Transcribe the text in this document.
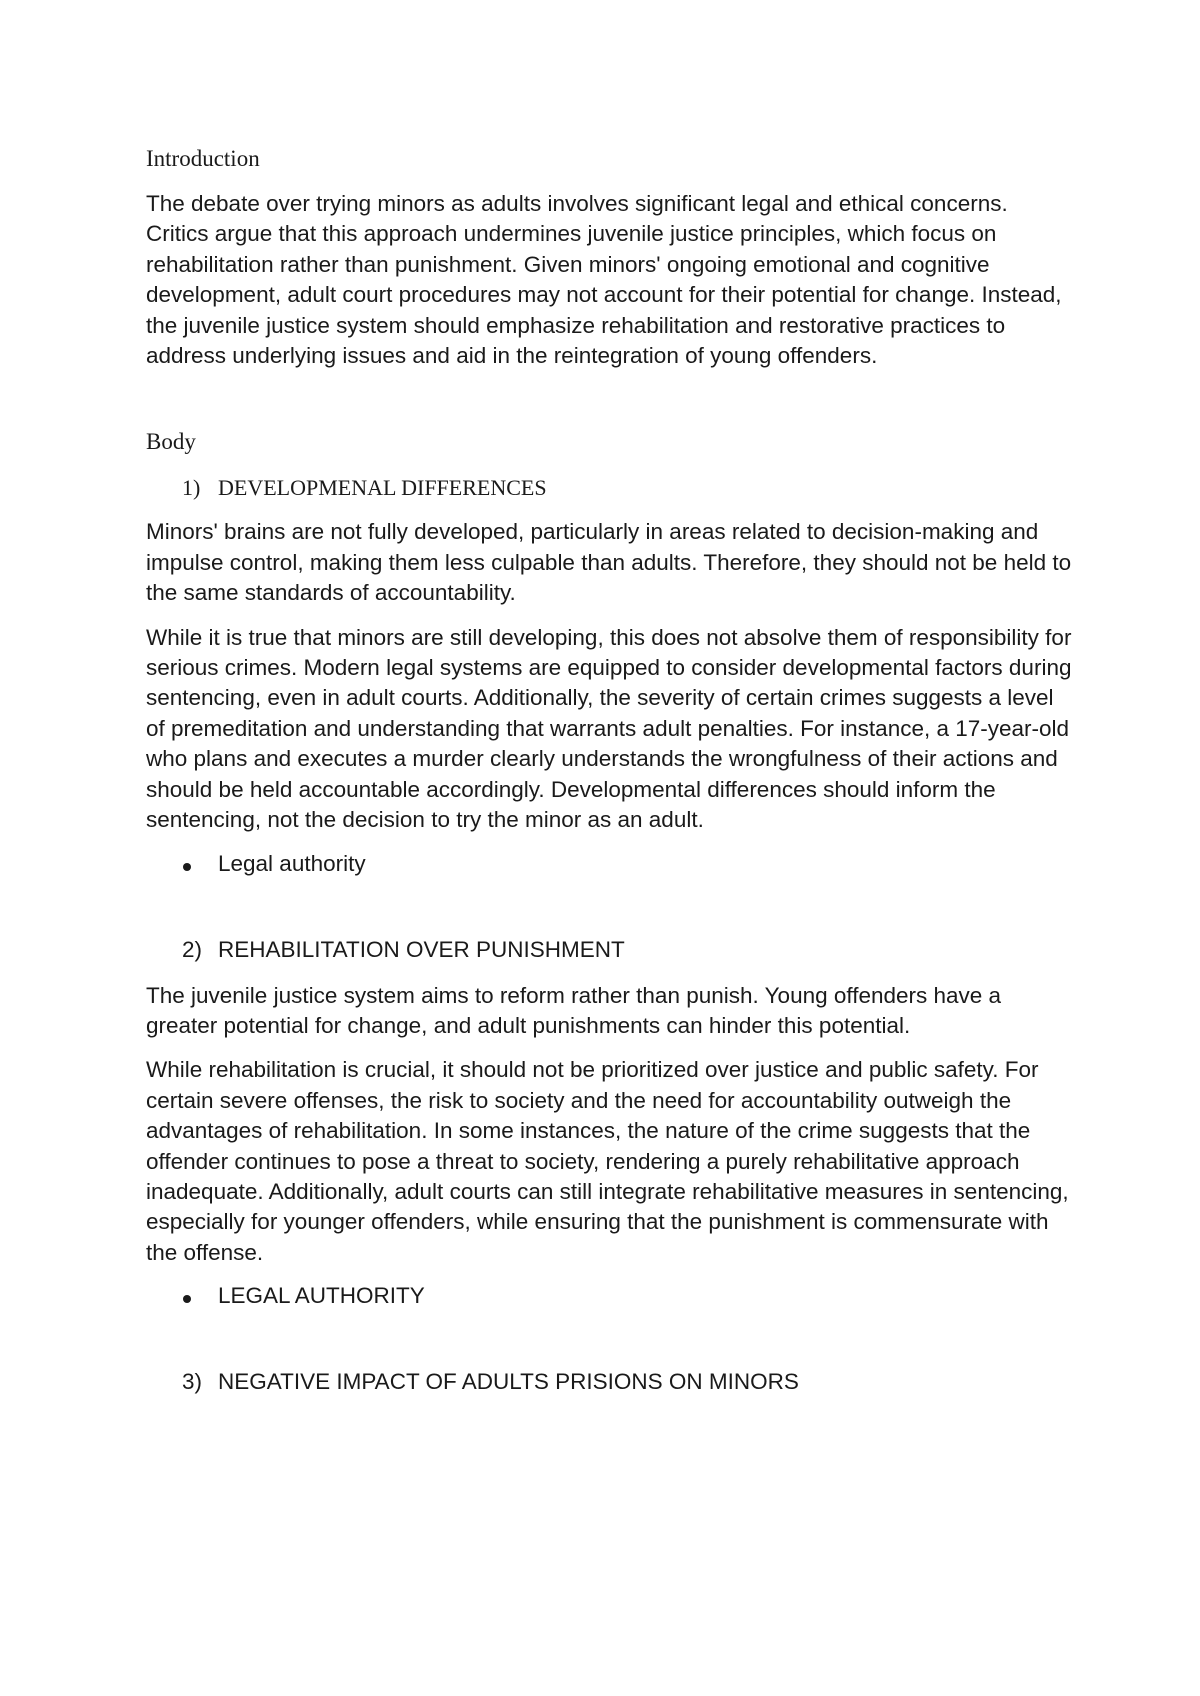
Introduction

The debate over trying minors as adults involves significant legal and ethical concerns. Critics argue that this approach undermines juvenile justice principles, which focus on rehabilitation rather than punishment. Given minors' ongoing emotional and cognitive development, adult court procedures may not account for their potential for change. Instead, the juvenile justice system should emphasize rehabilitation and restorative practices to address underlying issues and aid in the reintegration of young offenders.

Body
1) DEVELOPMENAL DIFFERENCES

Minors' brains are not fully developed, particularly in areas related to decision-making and impulse control, making them less culpable than adults. Therefore, they should not be held to the same standards of accountability.

While it is true that minors are still developing, this does not absolve them of responsibility for serious crimes. Modern legal systems are equipped to consider developmental factors during sentencing, even in adult courts. Additionally, the severity of certain crimes suggests a level of premeditation and understanding that warrants adult penalties. For instance, a 17-year-old who plans and executes a murder clearly understands the wrongfulness of their actions and should be held accountable accordingly. Developmental differences should inform the sentencing, not the decision to try the minor as an adult.

Legal authority
2) REHABILITATION OVER PUNISHMENT

The juvenile justice system aims to reform rather than punish. Young offenders have a greater potential for change, and adult punishments can hinder this potential.

While rehabilitation is crucial, it should not be prioritized over justice and public safety. For certain severe offenses, the risk to society and the need for accountability outweigh the advantages of rehabilitation. In some instances, the nature of the crime suggests that the offender continues to pose a threat to society, rendering a purely rehabilitative approach inadequate. Additionally, adult courts can still integrate rehabilitative measures in sentencing, especially for younger offenders, while ensuring that the punishment is commensurate with the offense.

LEGAL AUTHORITY
3) NEGATIVE IMPACT OF ADULTS PRISIONS ON MINORS
